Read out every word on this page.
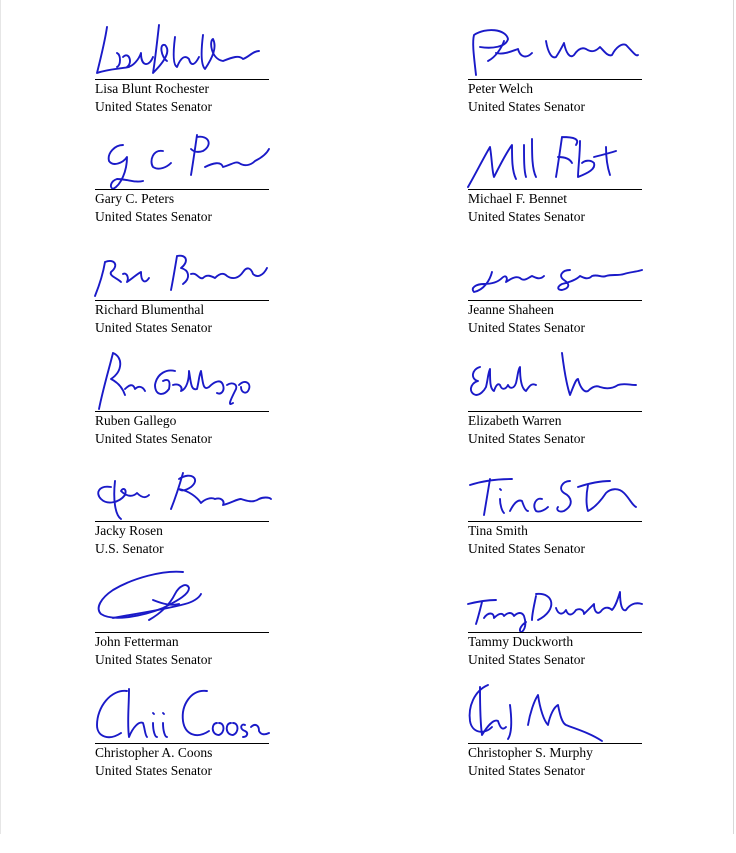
Lisa Blunt Rochester
United States Senator
Peter Welch
United States Senator
Gary C. Peters
United States Senator
Michael F. Bennet
United States Senator
Richard Blumenthal
United States Senator
Jeanne Shaheen
United States Senator
Ruben Gallego
United States Senator
Elizabeth Warren
United States Senator
Jacky Rosen
U.S. Senator
Tina Smith
United States Senator
John Fetterman
United States Senator
Tammy Duckworth
United States Senator
Christopher A. Coons
United States Senator
Christopher S. Murphy
United States Senator
